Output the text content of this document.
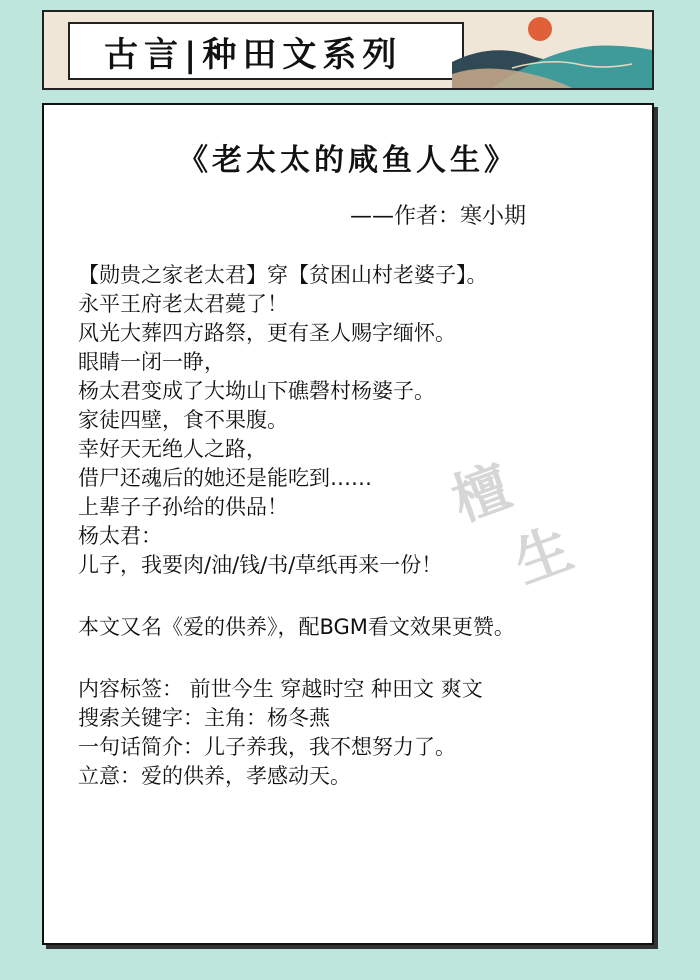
古言|种田文系列
《老太太的咸鱼人生》
——作者：寒小期
【勋贵之家老太君】穿【贫困山村老婆子】。
永平王府老太君薨了！
风光大葬四方路祭，更有圣人赐字缅怀。
眼睛一闭一睁，
杨太君变成了大坳山下礁磬村杨婆子。
家徒四壁，食不果腹。
幸好天无绝人之路，
借尸还魂后的她还是能吃到……
上辈子子孙给的供品！
杨太君：
儿子，我要肉/油/钱/书/草纸再来一份！
本文又名《爱的供养》，配BGM看文效果更赞。
内容标签： 前世今生 穿越时空 种田文 爽文
搜索关键字：主角：杨冬燕
一句话简介：儿子养我，我不想努力了。
立意：爱的供养，孝感动天。
檀
生
